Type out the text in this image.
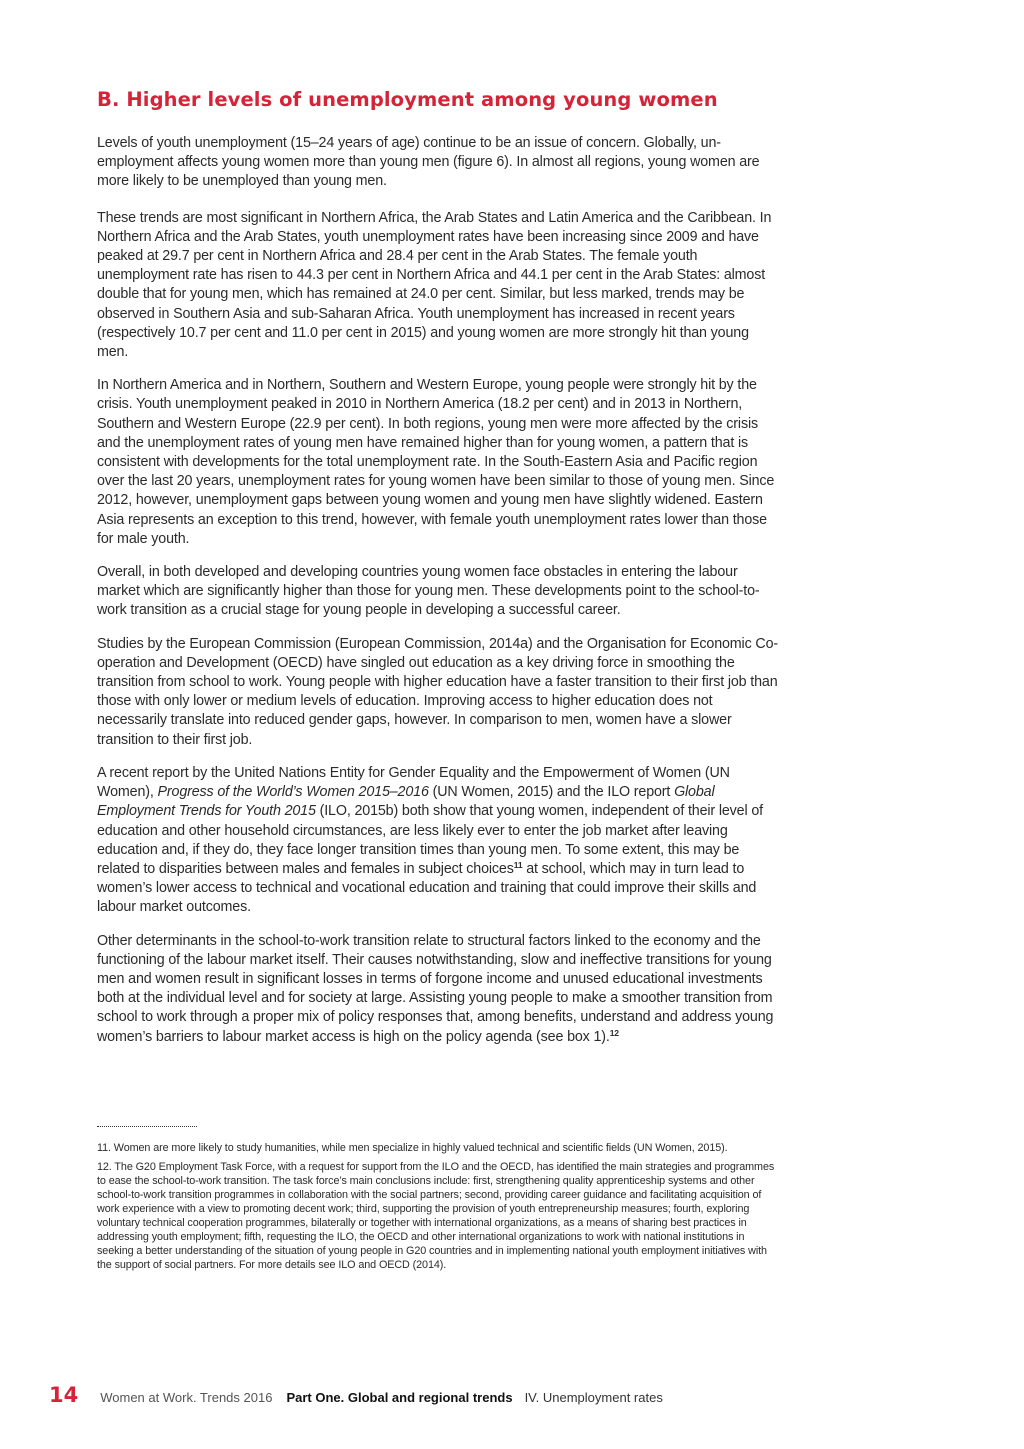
B. Higher levels of unemployment among young women

Levels of youth unemployment (15–24 years of age) continue to be an issue of concern. Globally, unemployment affects young women more than young men (figure 6). In almost all regions, young women are more likely to be unemployed than young men.

These trends are most significant in Northern Africa, the Arab States and Latin America and the Caribbean. In Northern Africa and the Arab States, youth unemployment rates have been increasing since 2009 and have peaked at 29.7 per cent in Northern Africa and 28.4 per cent in the Arab States. The female youth unemployment rate has risen to 44.3 per cent in Northern Africa and 44.1 per cent in the Arab States: almost double that for young men, which has remained at 24.0 per cent. Similar, but less marked, trends may be observed in Southern Asia and sub-Saharan Africa. Youth unemployment has increased in recent years (respectively 10.7 per cent and 11.0 per cent in 2015) and young women are more strongly hit than young men.

In Northern America and in Northern, Southern and Western Europe, young people were strongly hit by the crisis. Youth unemployment peaked in 2010 in Northern America (18.2 per cent) and in 2013 in Northern, Southern and Western Europe (22.9 per cent). In both regions, young men were more affected by the crisis and the unemployment rates of young men have remained higher than for young women, a pattern that is consistent with developments for the total unemployment rate. In the South-Eastern Asia and Pacific region over the last 20 years, unemployment rates for young women have been similar to those of young men. Since 2012, however, unemployment gaps between young women and young men have slightly widened. Eastern Asia represents an exception to this trend, however, with female youth unemployment rates lower than those for male youth.

Overall, in both developed and developing countries young women face obstacles in entering the labour market which are significantly higher than those for young men. These developments point to the school-to-work transition as a crucial stage for young people in developing a successful career.

Studies by the European Commission (European Commission, 2014a) and the Organisation for Economic Co-operation and Development (OECD) have singled out education as a key driving force in smoothing the transition from school to work. Young people with higher education have a faster transition to their first job than those with only lower or medium levels of education. Improving access to higher education does not necessarily translate into reduced gender gaps, however. In comparison to men, women have a slower transition to their first job.

A recent report by the United Nations Entity for Gender Equality and the Empowerment of Women (UN Women), Progress of the World’s Women 2015–2016 (UN Women, 2015) and the ILO report Global Employment Trends for Youth 2015 (ILO, 2015b) both show that young women, independent of their level of education and other household circumstances, are less likely ever to enter the job market after leaving education and, if they do, they face longer transition times than young men. To some extent, this may be related to disparities between males and females in subject choices$^{11}$ at school, which may in turn lead to women’s lower access to technical and vocational education and training that could improve their skills and labour market outcomes.

Other determinants in the school-to-work transition relate to structural factors linked to the economy and the functioning of the labour market itself. Their causes notwithstanding, slow and ineffective transitions for young men and women result in significant losses in terms of forgone income and unused educational investments both at the individual level and for society at large. Assisting young people to make a smoother transition from school to work through a proper mix of policy responses that, among benefits, understand and address young women’s barriers to labour market access is high on the policy agenda (see box 1).$^{12}$

11. Women are more likely to study humanities, while men specialize in highly valued technical and scientific fields (UN Women, 2015).

12. The G20 Employment Task Force, with a request for support from the ILO and the OECD, has identified the main strategies and programmes to ease the school-to-work transition. The task force’s main conclusions include: first, strengthening quality apprenticeship systems and other school-to-work transition programmes in collaboration with the social partners; second, providing career guidance and facilitating acquisition of work experience with a view to promoting decent work; third, supporting the provision of youth entrepreneurship measures; fourth, exploring voluntary technical cooperation programmes, bilaterally or together with international organizations, as a means of sharing best practices in addressing youth employment; fifth, requesting the ILO, the OECD and other international organizations to work with national institutions in seeking a better understanding of the situation of young people in G20 countries and in implementing national youth employment initiatives with the support of social partners. For more details see ILO and OECD (2014).

14 Women at Work. Trends 2016 Part One. Global and regional trends IV. Unemployment rates
